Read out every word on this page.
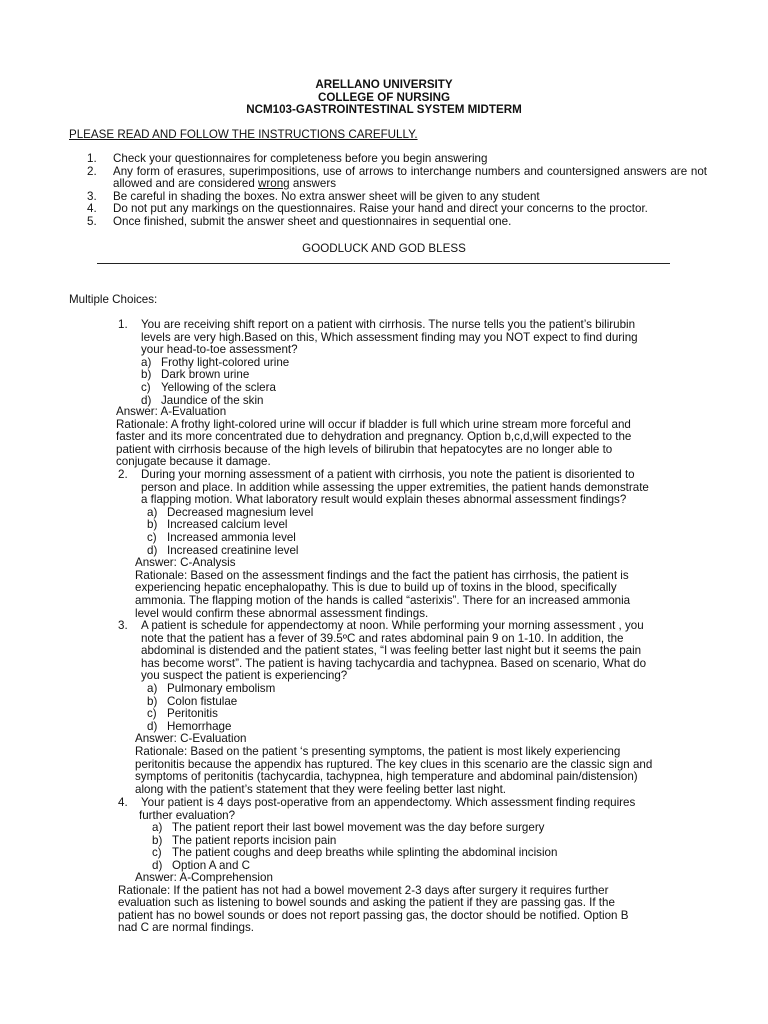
ARELLANO UNIVERSITY
COLLEGE OF NURSING
NCM103-GASTROINTESTINAL SYSTEM MIDTERM
PLEASE READ AND FOLLOW THE INSTRUCTIONS CAREFULLY.
1.	Check your questionnaires for completeness before you begin answering
2.	Any form of erasures, superimpositions, use of arrows to interchange numbers and countersigned answers are not allowed and are considered wrong answers
3.	Be careful in shading the boxes. No extra answer sheet will be given to any student
4.	Do not put any markings on the questionnaires. Raise your hand and direct your concerns to the proctor.
5.	Once finished, submit the answer sheet and questionnaires in sequential one.
GOODLUCK AND GOD BLESS
Multiple Choices:
1. You are receiving shift report on a patient with cirrhosis. The nurse tells you the patient’s bilirubin
levels are very high.Based on this, Which assessment finding may you NOT expect to find during
your head-to-toe assessment?
a) Frothy light-colored urine
b) Dark brown urine
c) Yellowing of the sclera
d) Jaundice of the skin
Answer: A-Evaluation
Rationale: A frothy light-colored urine will occur if bladder is full which urine stream more forceful and
faster and its more concentrated due to dehydration and pregnancy. Option b,c,d,will expected to the
patient with cirrhosis because of the high levels of bilirubin that hepatocytes are no longer able to
conjugate because it damage.
2. During your morning assessment of a patient with cirrhosis, you note the patient is disoriented to
person and place. In addition while assessing the upper extremities, the patient hands demonstrate
a flapping motion. What laboratory result would explain theses abnormal assessment findings?
a) Decreased magnesium level
b) Increased calcium level
c) Increased ammonia level
d) Increased creatinine level
Answer: C-Analysis
Rationale: Based on the assessment findings and the fact the patient has cirrhosis, the patient is
experiencing hepatic encephalopathy. This is due to build up of toxins in the blood, specifically
ammonia. The flapping motion of the hands is called “asterixis”. There for an increased ammonia
level would confirm these abnormal assessment findings.
3. A patient is schedule for appendectomy at noon. While performing your morning assessment , you
note that the patient has a fever of 39.5ºC and rates abdominal pain 9 on 1-10. In addition, the
abdominal is distended and the patient states, “I was feeling better last night but it seems the pain
has become worst”. The patient is having tachycardia and tachypnea. Based on scenario, What do
you suspect the patient is experiencing?
a) Pulmonary embolism
b) Colon fistulae
c) Peritonitis
d) Hemorrhage
Answer: C-Evaluation
Rationale: Based on the patient ‘s presenting symptoms, the patient is most likely experiencing
peritonitis because the appendix has ruptured. The key clues in this scenario are the classic sign and
symptoms of peritonitis (tachycardia, tachypnea, high temperature and abdominal pain/distension)
along with the patient’s statement that they were feeling better last night.
4. Your patient is 4 days post-operative from an appendectomy. Which assessment finding requires
further evaluation?
a) The patient report their last bowel movement was the day before surgery
b) The patient reports incision pain
c) The patient coughs and deep breaths while splinting the abdominal incision
d) Option A and C
Answer: A-Comprehension
Rationale: If the patient has not had a bowel movement 2-3 days after surgery it requires further
evaluation such as listening to bowel sounds and asking the patient if they are passing gas. If the
patient has no bowel sounds or does not report passing gas, the doctor should be notified. Option B
nad C are normal findings.
